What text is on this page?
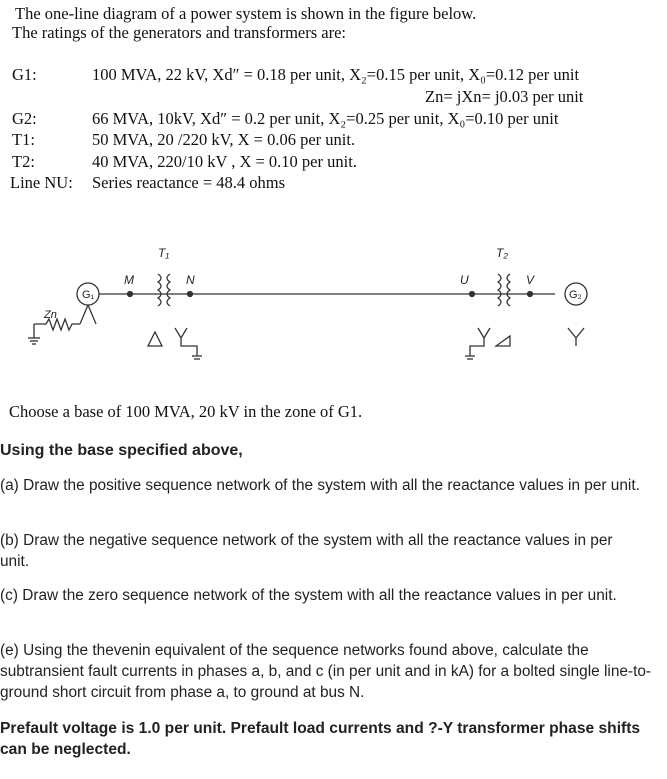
The one-line diagram of a power system is shown in the figure below.
The ratings of the generators and transformers are:
G1:	100 MVA, 22 kV, Xd″ = 0.18 per unit, X₂=0.15 per unit, X₀=0.12 per unit
Zn= jXn= j0.03 per unit
G2:	66 MVA, 10kV, Xd″ = 0.2 per unit, X₂=0.25 per unit, X₀=0.10 per unit
T1:	50 MVA, 20 /220 kV, X = 0.06 per unit.
T2:	40 MVA, 220/10 kV , X = 0.10 per unit.
Line NU: Series reactance = 48.4 ohms
G₁	G₂
T₁	T₂
M	N	U	V
Zn
Choose a base of 100 MVA, 20 kV in the zone of G1.
Using the base specified above,
(a) Draw the positive sequence network of the system with all the reactance values in per unit.
(b) Draw the negative sequence network of the system with all the reactance values in per unit.
(c) Draw the zero sequence network of the system with all the reactance values in per unit.
(e) Using the thevenin equivalent of the sequence networks found above, calculate the subtransient fault currents in phases a, b, and c (in per unit and in kA) for a bolted single line-to-ground short circuit from phase a, to ground at bus N.
Prefault voltage is 1.0 per unit. Prefault load currents and ?-Y transformer phase shifts can be neglected.
